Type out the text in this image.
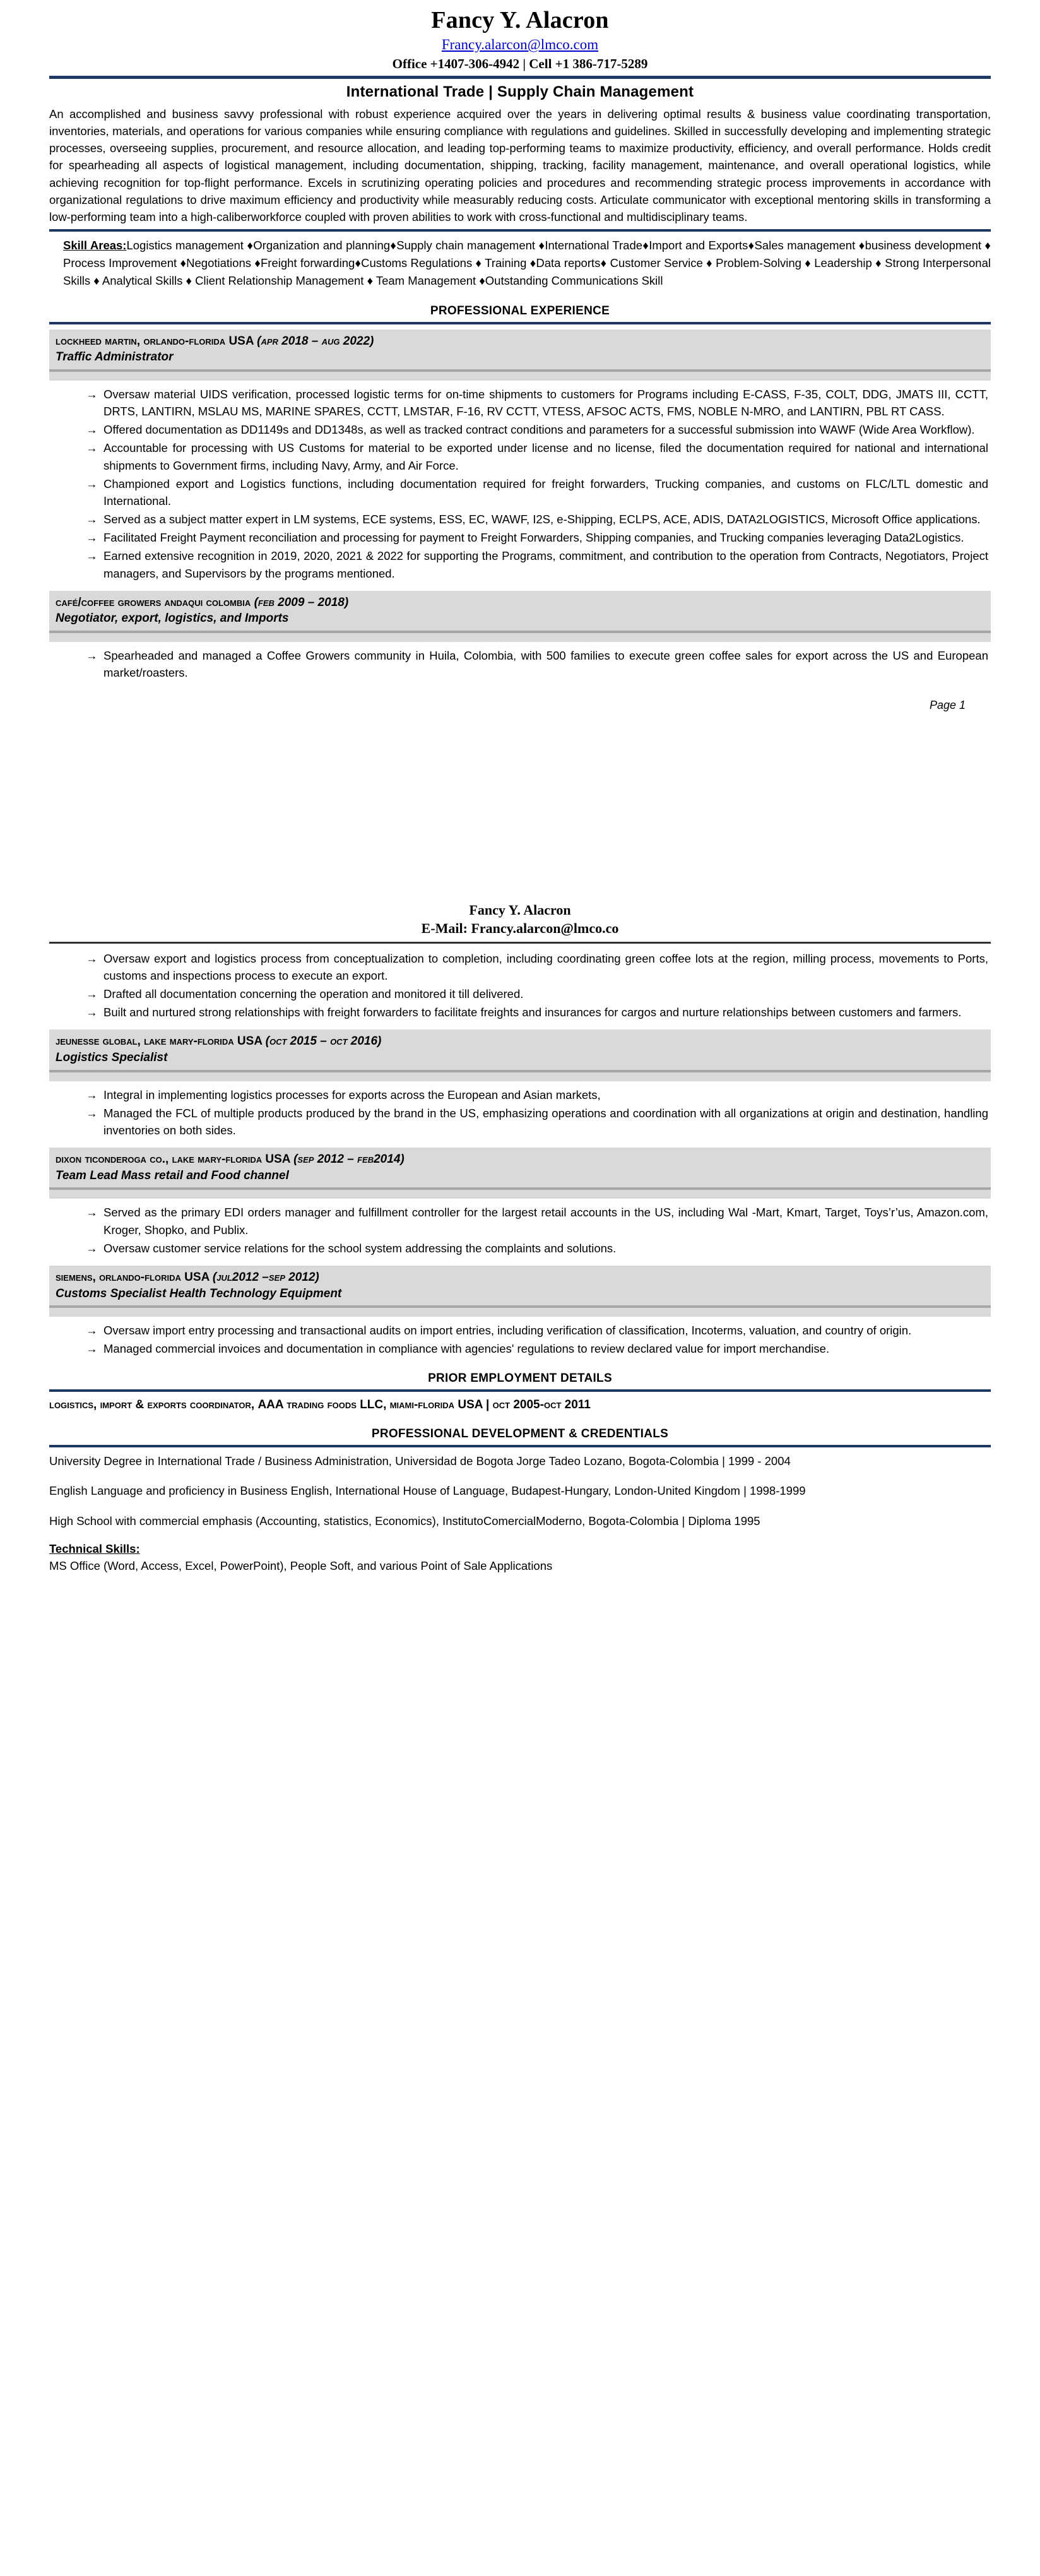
Fancy Y. Alacron
Francy.alarcon@lmco.com
Office +1407-306-4942 | Cell +1 386-717-5289
International Trade | Supply Chain Management

An accomplished and business savvy professional with robust experience acquired over the years in delivering optimal results & business value coordinating transportation, inventories, materials, and operations for various companies while ensuring compliance with regulations and guidelines. Skilled in successfully developing and implementing strategic processes, overseeing supplies, procurement, and resource allocation, and leading top-performing teams to maximize productivity, efficiency, and overall performance. Holds credit for spearheading all aspects of logistical management, including documentation, shipping, tracking, facility management, maintenance, and overall operational logistics, while achieving recognition for top-flight performance. Excels in scrutinizing operating policies and procedures and recommending strategic process improvements in accordance with organizational regulations to drive maximum efficiency and productivity while measurably reducing costs. Articulate communicator with exceptional mentoring skills in transforming a low-performing team into a high-caliberworkforce coupled with proven abilities to work with cross-functional and multidisciplinary teams.

Skill Areas:Logistics management ♦Organization and planning♦Supply chain management ♦International Trade♦Import and Exports♦Sales management ♦business development ♦ Process Improvement ♦Negotiations ♦Freight forwarding♦Customs Regulations ♦ Training ♦Data reports♦ Customer Service ♦ Problem-Solving ♦ Leadership ♦ Strong Interpersonal Skills ♦ Analytical Skills ♦ Client Relationship Management ♦ Team Management ♦Outstanding Communications Skill
PROFESSIONAL EXPERIENCE
lockheed martin, orlando-florida USA (apr 2018 – aug 2022)
Traffic Administrator
→ Oversaw material UIDS verification, processed logistic terms for on-time shipments to customers for Programs including E-CASS, F-35, COLT, DDG, JMATS III, CCTT, DRTS, LANTIRN, MSLAU MS, MARINE SPARES, CCTT, LMSTAR, F-16, RV CCTT, VTESS, AFSOC ACTS, FMS, NOBLE N-MRO, and LANTIRN, PBL RT CASS.
→ Offered documentation as DD1149s and DD1348s, as well as tracked contract conditions and parameters for a successful submission into WAWF (Wide Area Workflow).
→ Accountable for processing with US Customs for material to be exported under license and no license, filed the documentation required for national and international shipments to Government firms, including Navy, Army, and Air Force.
→ Championed export and Logistics functions, including documentation required for freight forwarders, Trucking companies, and customs on FLC/LTL domestic and International.
→ Served as a subject matter expert in LM systems, ECE systems, ESS, EC, WAWF, I2S, e-Shipping, ECLPS, ACE, ADIS, DATA2LOGISTICS, Microsoft Office applications.
→ Facilitated Freight Payment reconciliation and processing for payment to Freight Forwarders, Shipping companies, and Trucking companies leveraging Data2Logistics.
→ Earned extensive recognition in 2019, 2020, 2021 & 2022 for supporting the Programs, commitment, and contribution to the operation from Contracts, Negotiators, Project managers, and Supervisors by the programs mentioned.
café/coffee growers andaqui colombia (feb 2009 – 2018)
Negotiator, export, logistics, and Imports
→ Spearheaded and managed a Coffee Growers community in Huila, Colombia, with 500 families to execute green coffee sales for export across the US and European market/roasters.
Page 1
Fancy Y. Alacron
E-Mail: Francy.alarcon@lmco.co
→ Oversaw export and logistics process from conceptualization to completion, including coordinating green coffee lots at the region, milling process, movements to Ports, customs and inspections process to execute an export.
→ Drafted all documentation concerning the operation and monitored it till delivered.
→ Built and nurtured strong relationships with freight forwarders to facilitate freights and insurances for cargos and nurture relationships between customers and farmers.
jeunesse global, lake mary-florida USA (oct 2015 – oct 2016)
Logistics Specialist
→ Integral in implementing logistics processes for exports across the European and Asian markets,
→ Managed the FCL of multiple products produced by the brand in the US, emphasizing operations and coordination with all organizations at origin and destination, handling inventories on both sides.
dixon ticonderoga co., lake mary-florida USA (sep 2012 – feb2014)
Team Lead Mass retail and Food channel
→ Served as the primary EDI orders manager and fulfillment controller for the largest retail accounts in the US, including Wal -Mart, Kmart, Target, Toys’r’us, Amazon.com, Kroger, Shopko, and Publix.
→ Oversaw customer service relations for the school system addressing the complaints and solutions.
siemens, orlando-florida USA (jul2012 –sep 2012)
Customs Specialist Health Technology Equipment
→ Oversaw import entry processing and transactional audits on import entries, including verification of classification, Incoterms, valuation, and country of origin.
→ Managed commercial invoices and documentation in compliance with agencies' regulations to review declared value for import merchandise.
PRIOR EMPLOYMENT DETAILS
logistics, import & exports coordinator, AAA trading foods LLC, miami-florida USA | oct 2005-oct 2011
PROFESSIONAL DEVELOPMENT & CREDENTIALS

University Degree in International Trade / Business Administration, Universidad de Bogota Jorge Tadeo Lozano, Bogota-Colombia | 1999 - 2004

English Language and proficiency in Business English, International House of Language, Budapest-Hungary, London-United Kingdom | 1998-1999

High School with commercial emphasis (Accounting, statistics, Economics), InstitutoComercialModerno, Bogota-Colombia | Diploma 1995

Technical Skills:
MS Office (Word, Access, Excel, PowerPoint), People Soft, and various Point of Sale Applications
